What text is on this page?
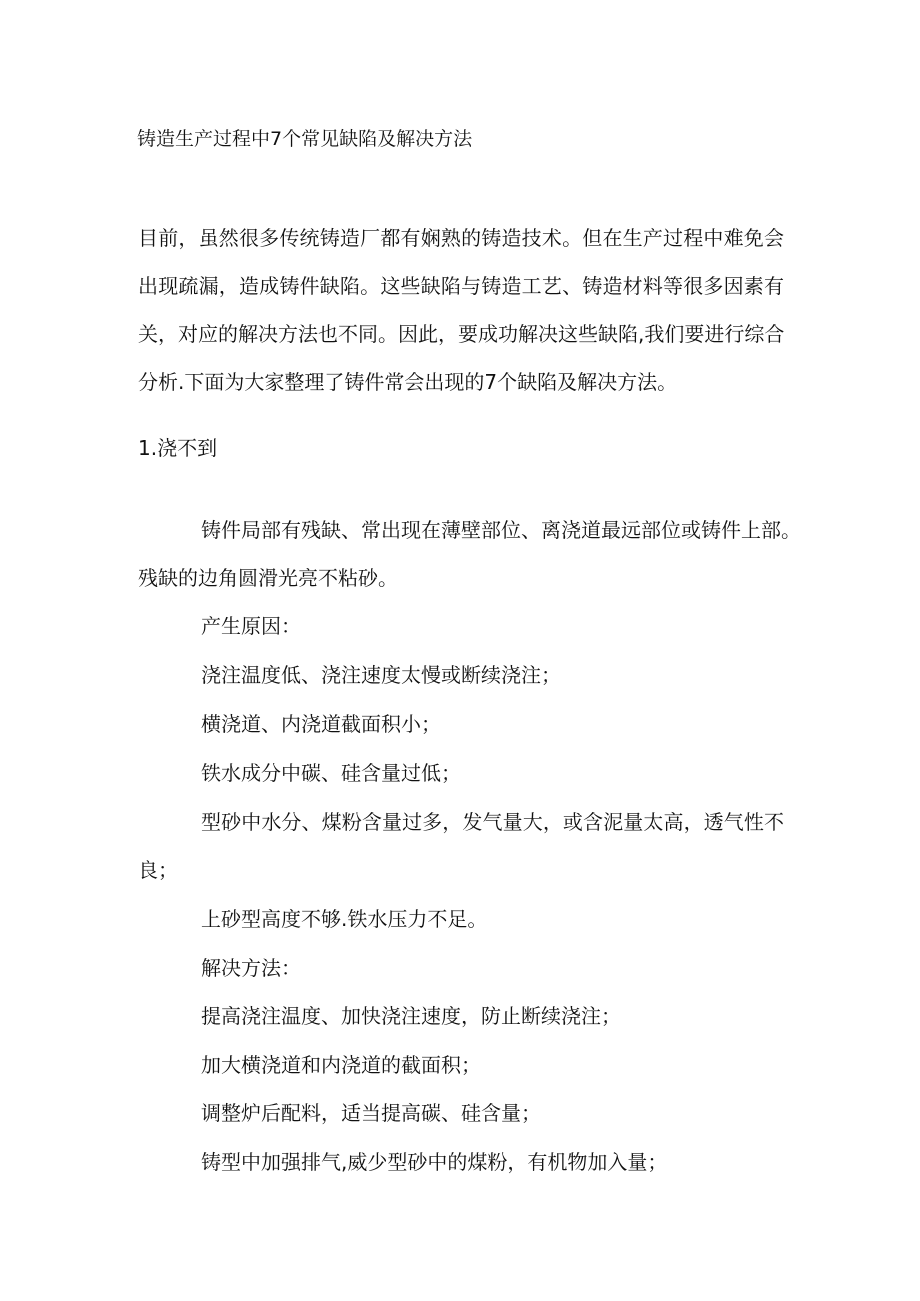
铸造生产过程中7个常见缺陷及解决方法
目前，虽然很多传统铸造厂都有娴熟的铸造技术。但在生产过程中难免会
出现疏漏，造成铸件缺陷。这些缺陷与铸造工艺、铸造材料等很多因素有
关，对应的解决方法也不同。因此，要成功解决这些缺陷,我们要进行综合
分析.下面为大家整理了铸件常会出现的7个缺陷及解决方法。
1.浇不到
铸件局部有残缺、常出现在薄壁部位、离浇道最远部位或铸件上部。
残缺的边角圆滑光亮不粘砂。
产生原因：
浇注温度低、浇注速度太慢或断续浇注；
横浇道、内浇道截面积小；
铁水成分中碳、硅含量过低；
型砂中水分、煤粉含量过多，发气量大，或含泥量太高，透气性不
良；
上砂型高度不够.铁水压力不足。
解决方法：
提高浇注温度、加快浇注速度，防止断续浇注；
加大横浇道和内浇道的截面积；
调整炉后配料，适当提高碳、硅含量；
铸型中加强排气,威少型砂中的煤粉，有机物加入量；
